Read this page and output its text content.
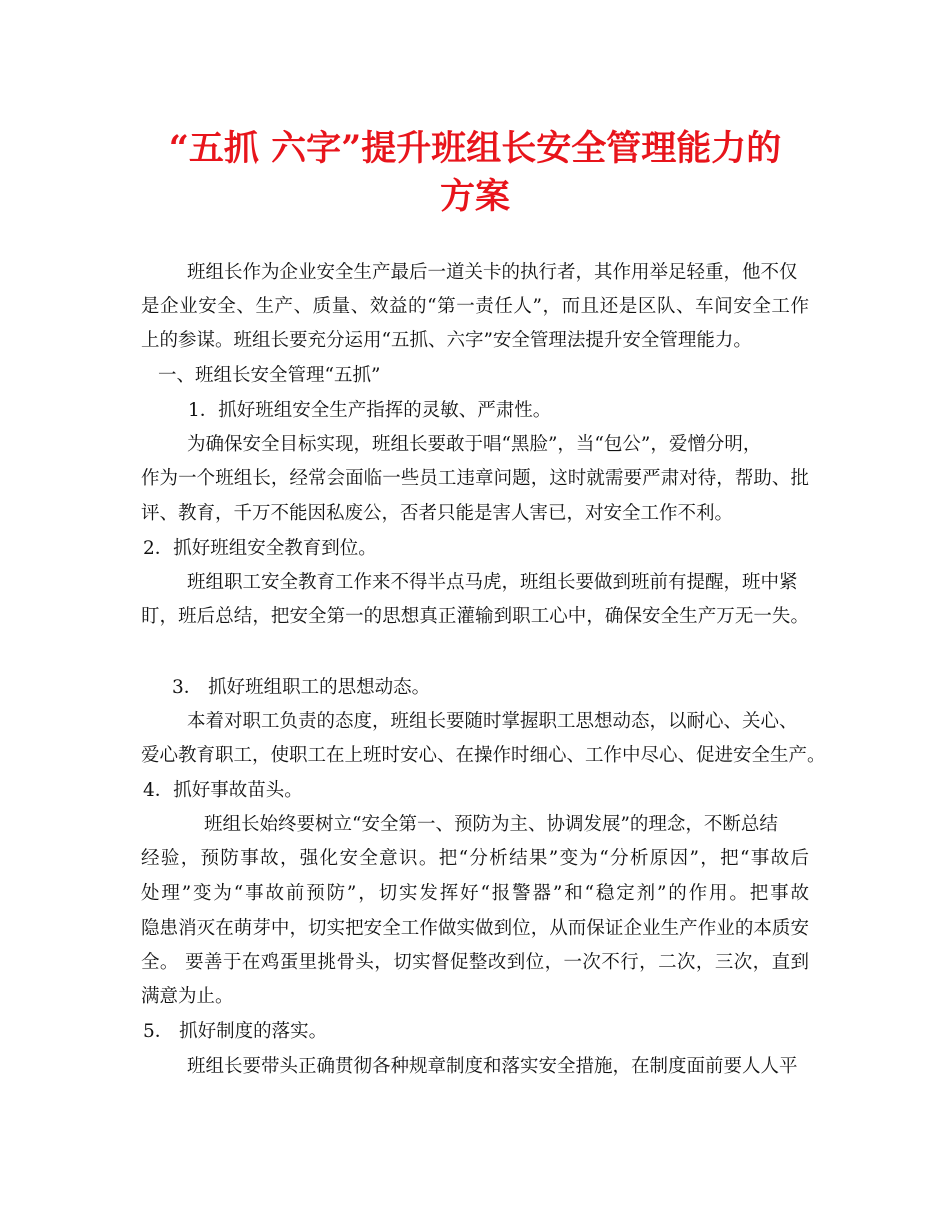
“五抓 六字”提升班组长安全管理能力的
方案
班组长作为企业安全生产最后一道关卡的执行者，其作用举足轻重，他不仅
是企业安全、生产、质量、效益的“第一责任人”，而且还是区队、车间安全工作
上的参谋。班组长要充分运用“五抓、六字”安全管理法提升安全管理能力。
一、班组长安全管理“五抓”
1．抓好班组安全生产指挥的灵敏、严肃性。
为确保安全目标实现，班组长要敢于唱“黑脸”，当“包公”，爱憎分明，
作为一个班组长，经常会面临一些员工违章问题，这时就需要严肃对待，帮助、批
评、教育，千万不能因私废公，否者只能是害人害已，对安全工作不利。
2．抓好班组安全教育到位。
班组职工安全教育工作来不得半点马虎，班组长要做到班前有提醒，班中紧
盯，班后总结，把安全第一的思想真正灌输到职工心中，确保安全生产万无一失。
3． 抓好班组职工的思想动态。
本着对职工负责的态度，班组长要随时掌握职工思想动态，以耐心、关心、
爱心教育职工，使职工在上班时安心、在操作时细心、工作中尽心、促进安全生产。
4．抓好事故苗头。
班组长始终要树立“安全第一、预防为主、协调发展”的理念，不断总结
经验，预防事故，强化安全意识。把“分析结果”变为“分析原因”，把“事故后
处理”变为“事故前预防”，切实发挥好“报警器”和“稳定剂”的作用。把事故
隐患消灭在萌芽中，切实把安全工作做实做到位，从而保证企业生产作业的本质安
全。 要善于在鸡蛋里挑骨头，切实督促整改到位，一次不行，二次，三次，直到
满意为止。
5． 抓好制度的落实。
班组长要带头正确贯彻各种规章制度和落实安全措施，在制度面前要人人平
